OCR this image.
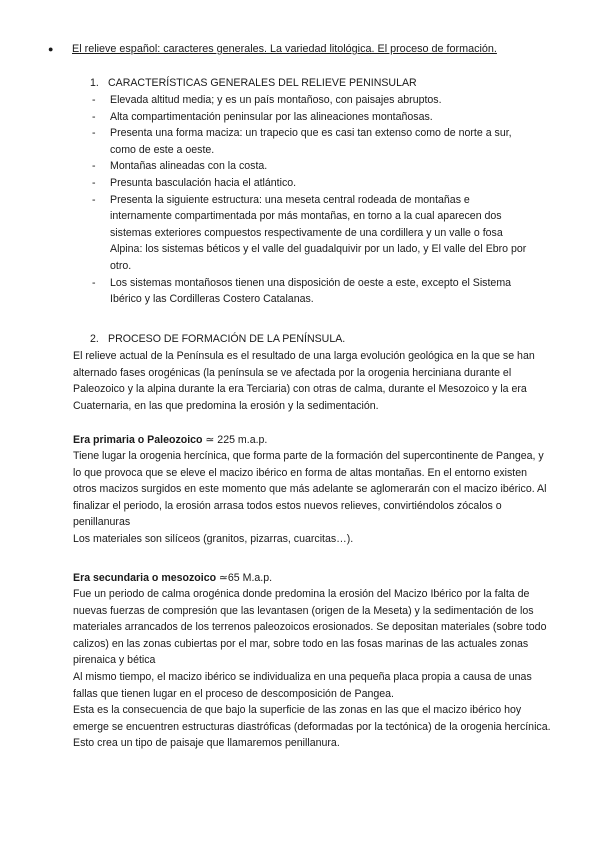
● El relieve español: caracteres generales. La variedad litológica. El proceso de formación.
1. CARACTERÍSTICAS GENERALES DEL RELIEVE PENINSULAR
- Elevada altitud media; y es un país montañoso, con paisajes abruptos.
- Alta compartimentación peninsular por las alineaciones montañosas.
- Presenta una forma maciza: un trapecio que es casi tan extenso como de norte a sur, como de este a oeste.
- Montañas alineadas con la costa.
- Presunta basculación hacia el atlántico.
- Presenta la siguiente estructura: una meseta central rodeada de montañas e internamente compartimentada por más montañas, en torno a la cual aparecen dos sistemas exteriores compuestos respectivamente de una cordillera y un valle o fosa Alpina: los sistemas béticos y el valle del guadalquivir por un lado, y El valle del Ebro por otro.
- Los sistemas montañosos tienen una disposición de oeste a este, excepto el Sistema Ibérico y las Cordilleras Costero Catalanas.
2. PROCESO DE FORMACIÓN DE LA PENÍNSULA.

El relieve actual de la Península es el resultado de una larga evolución geológica en la que se han alternado fases orogénicas (la península se ve afectada por la orogenia herciniana durante el Paleozoico y la alpina durante la era Terciaria) con otras de calma, durante el Mesozoico y la era Cuaternaria, en las que predomina la erosión y la sedimentación.

Era primaria o Paleozoico ≃ 225 m.a.p.

Tiene lugar la orogenia hercínica, que forma parte de la formación del supercontinente de Pangea, y lo que provoca que se eleve el macizo ibérico en forma de altas montañas. En el entorno existen otros macizos surgidos en este momento que más adelante se aglomerarán con el macizo ibérico. Al finalizar el periodo, la erosión arrasa todos estos nuevos relieves, convirtiéndolos zócalos o penillanuras

Los materiales son silíceos (granitos, pizarras, cuarcitas…).

Era secundaria o mesozoico ≃65 M.a.p.

Fue un periodo de calma orogénica donde predomina la erosión del Macizo Ibérico por la falta de nuevas fuerzas de compresión que las levantasen (origen de la Meseta) y la sedimentación de los

materiales arrancados de los terrenos paleozoicos erosionados. Se depositan materiales (sobre todo calizos) en las zonas cubiertas por el mar, sobre todo en las fosas marinas de las actuales zonas pirenaica y bética

Al mismo tiempo, el macizo ibérico se individualiza en una pequeña placa propia a causa de unas fallas que tienen lugar en el proceso de descomposición de Pangea.

Esta es la consecuencia de que bajo la superficie de las zonas en las que el macizo ibérico hoy emerge se encuentren estructuras diastróficas (deformadas por la tectónica) de la orogenia hercínica. Esto crea un tipo de paisaje que llamaremos penillanura.
